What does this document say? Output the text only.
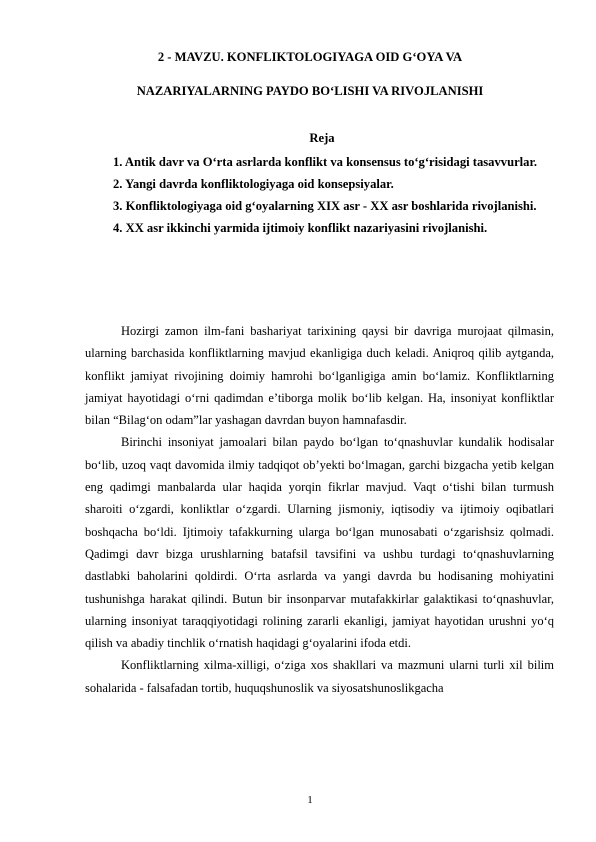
2 - MAVZU. KONFLIKTOLOGIYAGA OID G‘OYA VA
NAZARIYALARNING PAYDO BO‘LISHI VA RIVOJLANISHI
Reja
1. Antik davr va O‘rta asrlarda konflikt va konsensus to‘g‘risidagi tasavvurlar.
2. Yangi davrda konfliktologiyaga oid konsepsiyalar.
3. Konfliktologiyaga oid g‘oyalarning XIX asr - XX asr boshlarida rivojlanishi.
4. XX asr ikkinchi yarmida ijtimoiy konflikt nazariyasini rivojlanishi.

Hozirgi zamon ilm-fani bashariyat tarixining qaysi bir davriga murojaat qilmasin, ularning barchasida konfliktlarning mavjud ekanligiga duch keladi. Aniqroq qilib aytganda, konflikt jamiyat rivojining doimiy hamrohi bo‘lganligiga amin bo‘lamiz. Konfliktlarning jamiyat hayotidagi o‘rni qadimdan e’tiborga molik bo‘lib kelgan. Ha, insoniyat konfliktlar bilan “Bilag‘on odam”lar yashagan davrdan buyon hamnafasdir.

Birinchi insoniyat jamoalari bilan paydo bo‘lgan to‘qnashuvlar kundalik hodisalar bo‘lib, uzoq vaqt davomida ilmiy tadqiqot ob’yekti bo‘lmagan, garchi bizgacha yetib kelgan eng qadimgi manbalarda ular haqida yorqin fikrlar mavjud. Vaqt o‘tishi bilan turmush sharoiti o‘zgardi, konliktlar o‘zgardi. Ularning jismoniy, iqtisodiy va ijtimoiy oqibatlari boshqacha bo‘ldi. Ijtimoiy tafakkurning ularga bo‘lgan munosabati o‘zgarishsiz qolmadi. Qadimgi davr bizga urushlarning batafsil tavsifini va ushbu turdagi to‘qnashuvlarning dastlabki baholarini qoldirdi. O‘rta asrlarda va yangi davrda bu hodisaning mohiyatini tushunishga harakat qilindi. Butun bir insonparvar mutafakkirlar galaktikasi to‘qnashuvlar, ularning insoniyat taraqqiyotidagi rolining zararli ekanligi, jamiyat hayotidan urushni yo‘q qilish va abadiy tinchlik o‘rnatish haqidagi g‘oyalarini ifoda etdi.

Konfliktlarning xilma-xilligi, o‘ziga xos shakllari va mazmuni ularni turli xil bilim sohalarida - falsafadan tortib, huquqshunoslik va siyosatshunoslikgacha

1
